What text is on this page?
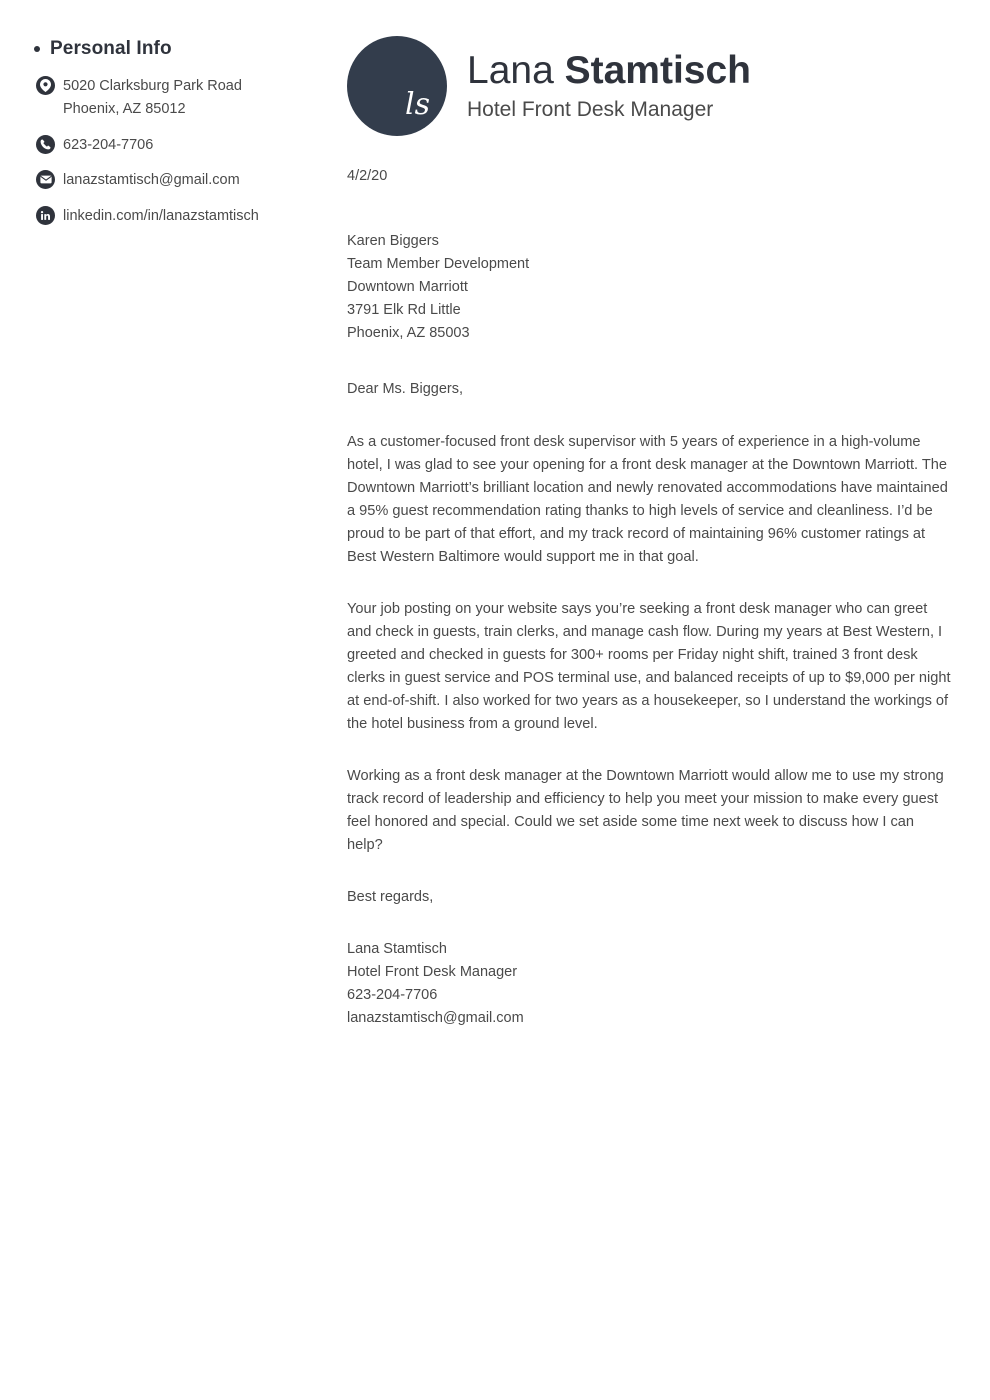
Personal Info
5020 Clarksburg Park Road
Phoenix, AZ 85012
623-204-7706
lanazstamtisch@gmail.com
linkedin.com/in/lanazstamtisch
ls
Lana Stamtisch
Hotel Front Desk Manager
4/2/20
Karen Biggers
Team Member Development
Downtown Marriott
3791 Elk Rd Little
Phoenix, AZ 85003
Dear Ms. Biggers,

As a customer-focused front desk supervisor with 5 years of experience in a high-volume hotel, I was glad to see your opening for a front desk manager at the Downtown Marriott. The Downtown Marriott’s brilliant location and newly renovated accommodations have maintained a 95% guest recommendation rating thanks to high levels of service and cleanliness. I’d be proud to be part of that effort, and my track record of maintaining 96% customer ratings at Best Western Baltimore would support me in that goal.

Your job posting on your website says you’re seeking a front desk manager who can greet and check in guests, train clerks, and manage cash flow. During my years at Best Western, I greeted and checked in guests for 300+ rooms per Friday night shift, trained 3 front desk clerks in guest service and POS terminal use, and balanced receipts of up to $9,000 per night at end-of-shift. I also worked for two years as a housekeeper, so I understand the workings of the hotel business from a ground level.

Working as a front desk manager at the Downtown Marriott would allow me to use my strong track record of leadership and efficiency to help you meet your mission to make every guest feel honored and special. Could we set aside some time next week to discuss how I can help?

Best regards,
Lana Stamtisch
Hotel Front Desk Manager
623-204-7706
lanazstamtisch@gmail.com
